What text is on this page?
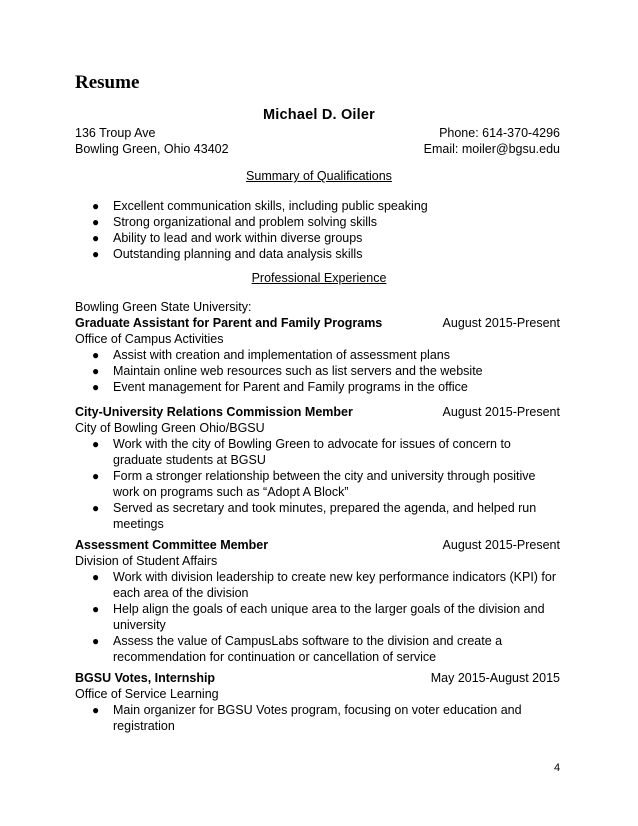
Resume
Michael D. Oiler
136 Troup Ave	Phone: 614-370-4296
Bowling Green, Ohio 43402	Email: moiler@bgsu.edu
Summary of Qualifications
● Excellent communication skills, including public speaking
● Strong organizational and problem solving skills
● Ability to lead and work within diverse groups
● Outstanding planning and data analysis skills
Professional Experience
Bowling Green State University:
Graduate Assistant for Parent and Family Programs	August 2015-Present
Office of Campus Activities
● Assist with creation and implementation of assessment plans
● Maintain online web resources such as list servers and the website
● Event management for Parent and Family programs in the office
City-University Relations Commission Member	August 2015-Present
City of Bowling Green Ohio/BGSU
● Work with the city of Bowling Green to advocate for issues of concern to graduate students at BGSU
● Form a stronger relationship between the city and university through positive work on programs such as “Adopt A Block”
● Served as secretary and took minutes, prepared the agenda, and helped run meetings
Assessment Committee Member	August 2015-Present
Division of Student Affairs
● Work with division leadership to create new key performance indicators (KPI) for each area of the division
● Help align the goals of each unique area to the larger goals of the division and university
● Assess the value of CampusLabs software to the division and create a recommendation for continuation or cancellation of service
BGSU Votes, Internship	May 2015-August 2015
Office of Service Learning
● Main organizer for BGSU Votes program, focusing on voter education and registration
4
